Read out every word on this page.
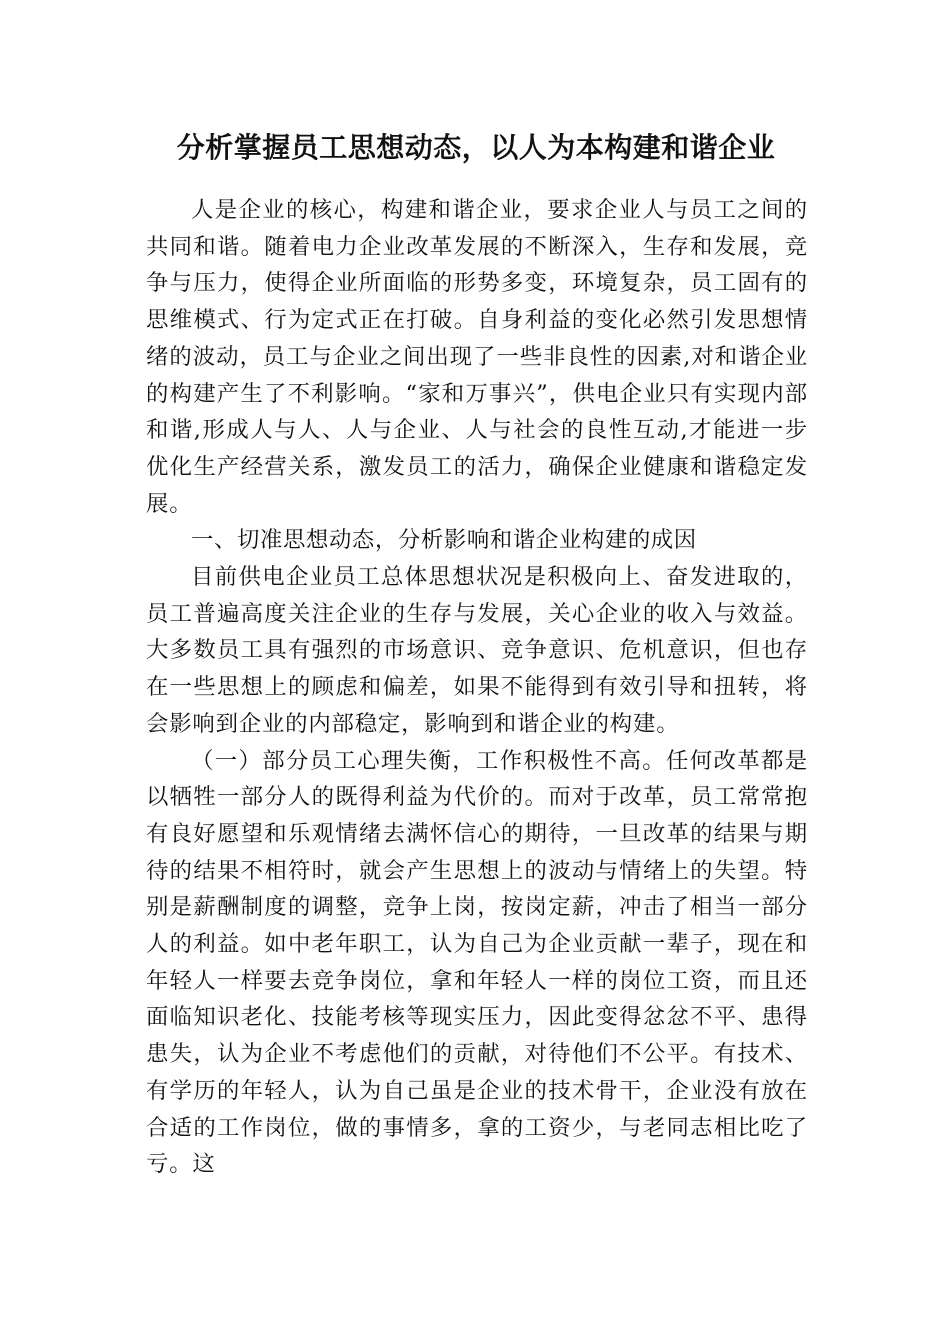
分析掌握员工思想动态，以人为本构建和谐企业

人是企业的核心，构建和谐企业，要求企业人与员工之间的共同和谐。随着电力企业改革发展的不断深入，生存和发展，竞争与压力，使得企业所面临的形势多变，环境复杂，员工固有的思维模式、行为定式正在打破。自身利益的变化必然引发思想情绪的波动，员工与企业之间出现了一些非良性的因素,对和谐企业的构建产生了不利影响。“家和万事兴”，供电企业只有实现内部和谐,形成人与人、人与企业、人与社会的良性互动,才能进一步优化生产经营关系，激发员工的活力，确保企业健康和谐稳定发展。

一、切准思想动态，分析影响和谐企业构建的成因

目前供电企业员工总体思想状况是积极向上、奋发进取的，员工普遍高度关注企业的生存与发展，关心企业的收入与效益。大多数员工具有强烈的市场意识、竞争意识、危机意识，但也存在一些思想上的顾虑和偏差，如果不能得到有效引导和扭转，将会影响到企业的内部稳定，影响到和谐企业的构建。

（一）部分员工心理失衡，工作积极性不高。任何改革都是以牺牲一部分人的既得利益为代价的。而对于改革，员工常常抱有良好愿望和乐观情绪去满怀信心的期待，一旦改革的结果与期待的结果不相符时，就会产生思想上的波动与情绪上的失望。特别是薪酬制度的调整，竞争上岗，按岗定薪，冲击了相当一部分人的利益。如中老年职工，认为自己为企业贡献一辈子，现在和年轻人一样要去竞争岗位，拿和年轻人一样的岗位工资，而且还面临知识老化、技能考核等现实压力，因此变得忿忿不平、患得患失，认为企业不考虑他们的贡献，对待他们不公平。有技术、有学历的年轻人，认为自己虽是企业的技术骨干，企业没有放在合适的工作岗位，做的事情多，拿的工资少，与老同志相比吃了亏。这
